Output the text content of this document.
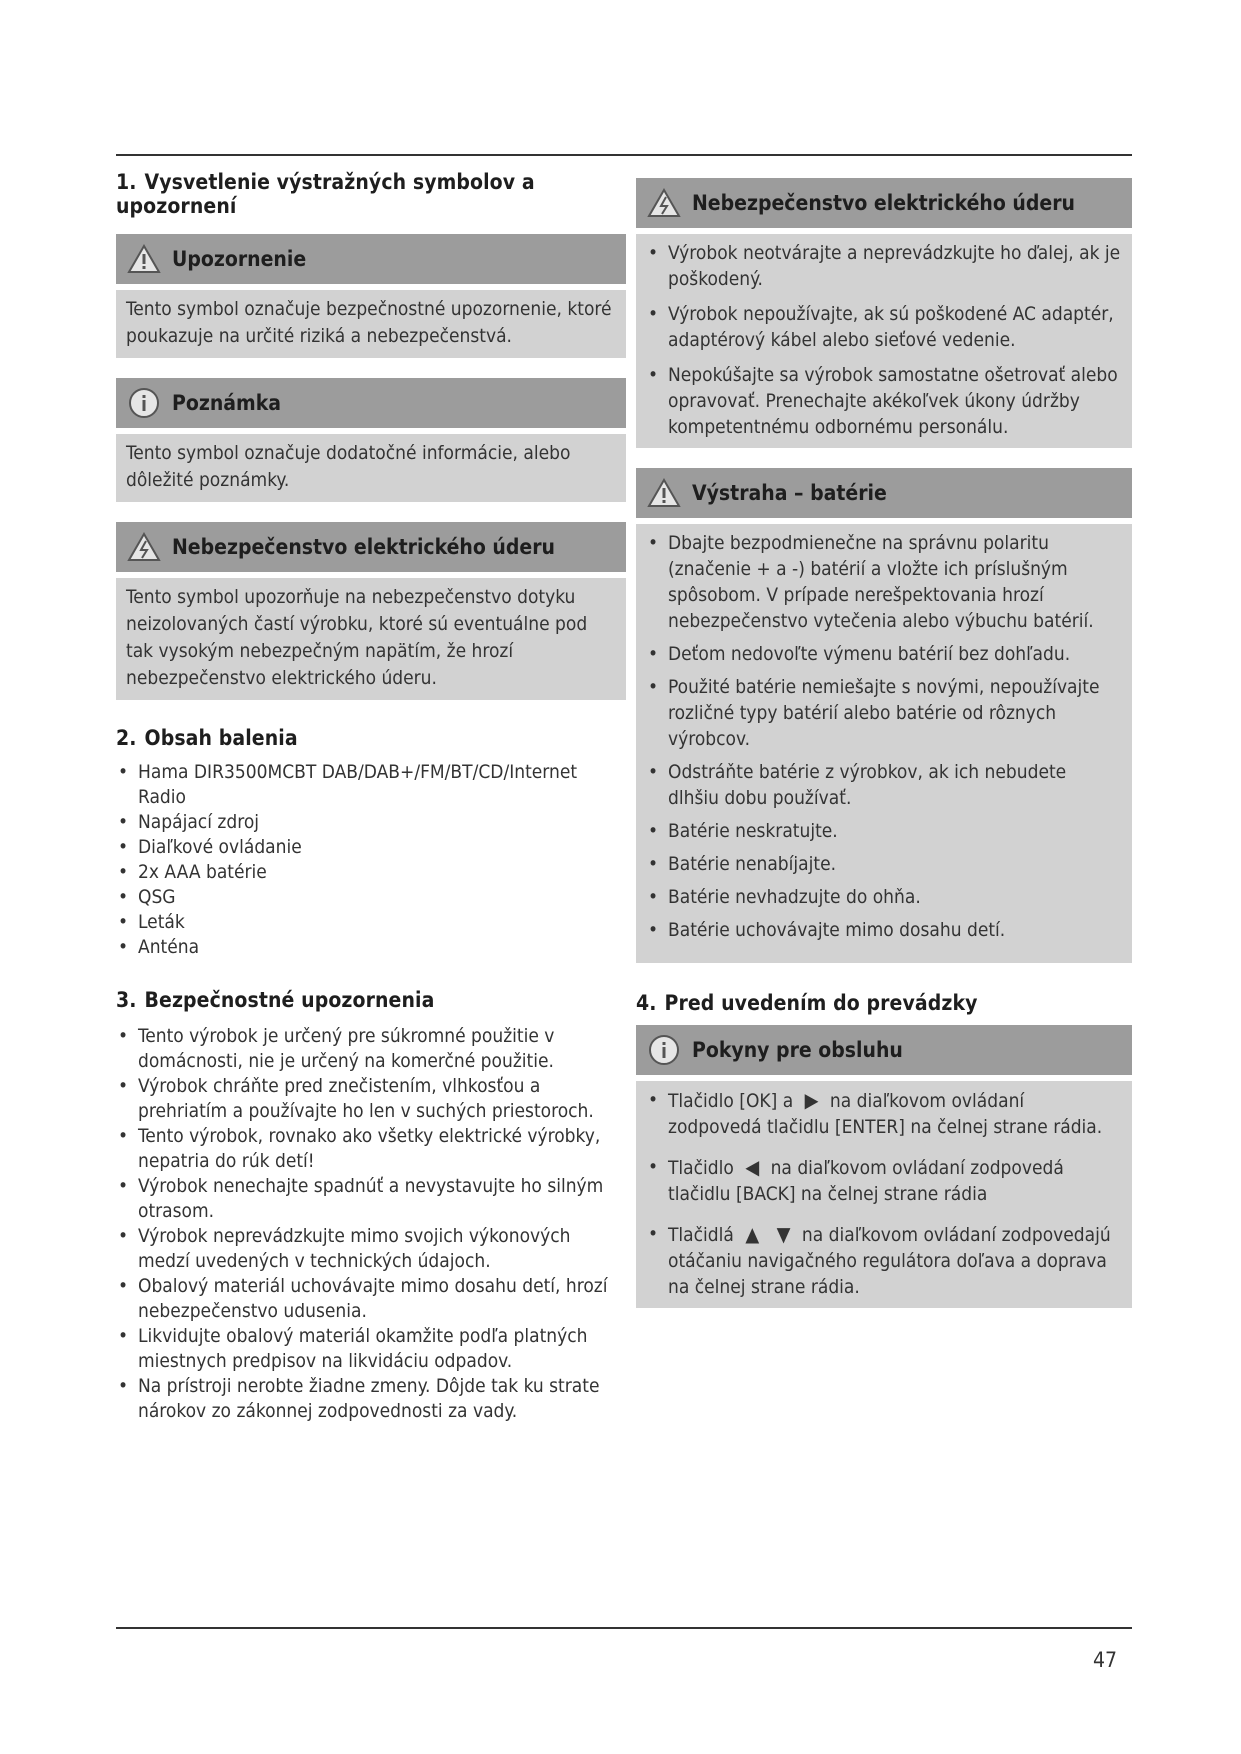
1. Vysvetlenie výstražných symbolov a upozornení
Upozornenie
Tento symbol označuje bezpečnostné upozornenie, ktoré poukazuje na určité riziká a nebezpečenstvá.
Poznámka
Tento symbol označuje dodatočné informácie, alebo dôležité poznámky.
Nebezpečenstvo elektrického úderu
Tento symbol upozorňuje na nebezpečenstvo dotyku neizolovaných častí výrobku, ktoré sú eventuálne pod tak vysokým nebezpečným napätím, že hrozí nebezpečenstvo elektrického úderu.
2. Obsah balenia
• Hama DIR3500MCBT DAB/DAB+/FM/BT/CD/Internet Radio
• Napájací zdroj
• Diaľkové ovládanie
• 2x AAA batérie
• QSG
• Leták
• Anténa
3. Bezpečnostné upozornenia
• Tento výrobok je určený pre súkromné použitie v domácnosti, nie je určený na komerčné použitie.
• Výrobok chráňte pred znečistením, vlhkosťou a prehriatím a používajte ho len v suchých priestoroch.
• Tento výrobok, rovnako ako všetky elektrické výrobky, nepatria do rúk detí!
• Výrobok nenechajte spadnúť a nevystavujte ho silným otrasom.
• Výrobok neprevádzkujte mimo svojich výkonových medzí uvedených v technických údajoch.
• Obalový materiál uchovávajte mimo dosahu detí, hrozí nebezpečenstvo udusenia.
• Likvidujte obalový materiál okamžite podľa platných miestnych predpisov na likvidáciu odpadov.
• Na prístroji nerobte žiadne zmeny. Dôjde tak ku strate nárokov zo zákonnej zodpovednosti za vady.
Nebezpečenstvo elektrického úderu
• Výrobok neotvárajte a neprevádzkujte ho ďalej, ak je poškodený.
• Výrobok nepoužívajte, ak sú poškodené AC adaptér, adaptérový kábel alebo sieťové vedenie.
• Nepokúšajte sa výrobok samostatne ošetrovať alebo opravovať. Prenechajte akékoľvek úkony údržby kompetentnému odbornému personálu.
Výstraha – batérie
• Dbajte bezpodmienečne na správnu polaritu (značenie + a -) batérií a vložte ich príslušným spôsobom. V prípade nerešpektovania hrozí nebezpečenstvo vytečenia alebo výbuchu batérií.
• Deťom nedovoľte výmenu batérií bez dohľadu.
• Použité batérie nemiešajte s novými, nepoužívajte rozličné typy batérií alebo batérie od rôznych výrobcov.
• Odstráňte batérie z výrobkov, ak ich nebudete dlhšiu dobu používať.
• Batérie neskratujte.
• Batérie nenabíjajte.
• Batérie nevhadzujte do ohňa.
• Batérie uchovávajte mimo dosahu detí.
4. Pred uvedením do prevádzky
Pokyny pre obsluhu
• Tlačidlo [OK] a ▶ na diaľkovom ovládaní zodpovedá tlačidlu [ENTER] na čelnej strane rádia.
• Tlačidlo ◀ na diaľkovom ovládaní zodpovedá tlačidlu [BACK] na čelnej strane rádia
• Tlačidlá ▲ ▼ na diaľkovom ovládaní zodpovedajú otáčaniu navigačného regulátora doľava a doprava na čelnej strane rádia.
47
